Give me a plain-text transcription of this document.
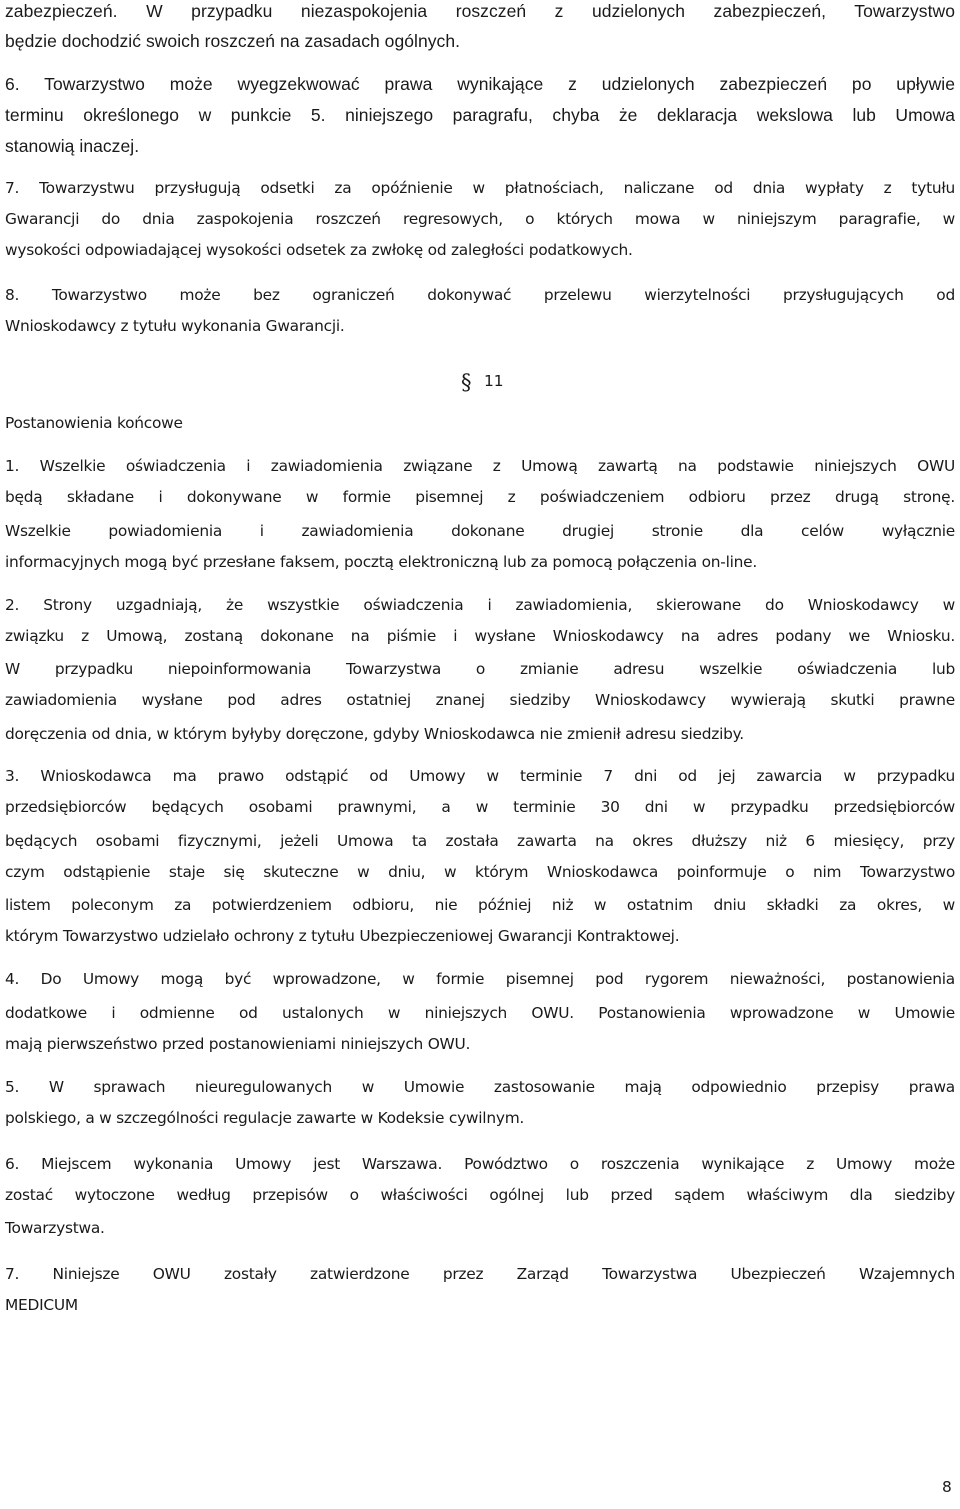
zabezpieczeń. W przypadku niezaspokojenia roszczeń z udzielonych zabezpieczeń, Towarzystwo

będzie dochodzić swoich roszczeń na zasadach ogólnych.

6. Towarzystwo może wyegzekwować prawa wynikające z udzielonych zabezpieczeń po upływie

terminu określonego w punkcie 5. niniejszego paragrafu, chyba że deklaracja wekslowa lub Umowa

stanowią inaczej.

7. Towarzystwu przysługują odsetki za opóźnienie w płatnościach, naliczane od dnia wypłaty z tytułu

Gwarancji do dnia zaspokojenia roszczeń regresowych, o których mowa w niniejszym paragrafie, w

wysokości odpowiadającej wysokości odsetek za zwłokę od zaległości podatkowych.

8. Towarzystwo może bez ograniczeń dokonywać przelewu wierzytelności przysługujących od

Wnioskodawcy z tytułu wykonania Gwarancji.

§ 11

Postanowienia końcowe

1. Wszelkie oświadczenia i zawiadomienia związane z Umową zawartą na podstawie niniejszych OWU

będą składane i dokonywane w formie pisemnej z poświadczeniem odbioru przez drugą stronę.

Wszelkie powiadomienia i zawiadomienia dokonane drugiej stronie dla celów wyłącznie

informacyjnych mogą być przesłane faksem, pocztą elektroniczną lub za pomocą połączenia on-line.

2. Strony uzgadniają, że wszystkie oświadczenia i zawiadomienia, skierowane do Wnioskodawcy w

związku z Umową, zostaną dokonane na piśmie i wysłane Wnioskodawcy na adres podany we Wniosku.

W przypadku niepoinformowania Towarzystwa o zmianie adresu wszelkie oświadczenia lub

zawiadomienia wysłane pod adres ostatniej znanej siedziby Wnioskodawcy wywierają skutki prawne

doręczenia od dnia, w którym byłyby doręczone, gdyby Wnioskodawca nie zmienił adresu siedziby.

3. Wnioskodawca ma prawo odstąpić od Umowy w terminie 7 dni od jej zawarcia w przypadku

przedsiębiorców będących osobami prawnymi, a w terminie 30 dni w przypadku przedsiębiorców

będących osobami fizycznymi, jeżeli Umowa ta została zawarta na okres dłuższy niż 6 miesięcy, przy

czym odstąpienie staje się skuteczne w dniu, w którym Wnioskodawca poinformuje o nim Towarzystwo

listem poleconym za potwierdzeniem odbioru, nie później niż w ostatnim dniu składki za okres, w

którym Towarzystwo udzielało ochrony z tytułu Ubezpieczeniowej Gwarancji Kontraktowej.

4. Do Umowy mogą być wprowadzone, w formie pisemnej pod rygorem nieważności, postanowienia

dodatkowe i odmienne od ustalonych w niniejszych OWU. Postanowienia wprowadzone w Umowie

mają pierwszeństwo przed postanowieniami niniejszych OWU.

5. W sprawach nieuregulowanych w Umowie zastosowanie mają odpowiednio przepisy prawa

polskiego, a w szczególności regulacje zawarte w Kodeksie cywilnym.

6. Miejscem wykonania Umowy jest Warszawa. Powództwo o roszczenia wynikające z Umowy może

zostać wytoczone według przepisów o właściwości ogólnej lub przed sądem właściwym dla siedziby

Towarzystwa.

7. Niniejsze OWU zostały zatwierdzone przez Zarząd Towarzystwa Ubezpieczeń Wzajemnych

MEDICUM

8
